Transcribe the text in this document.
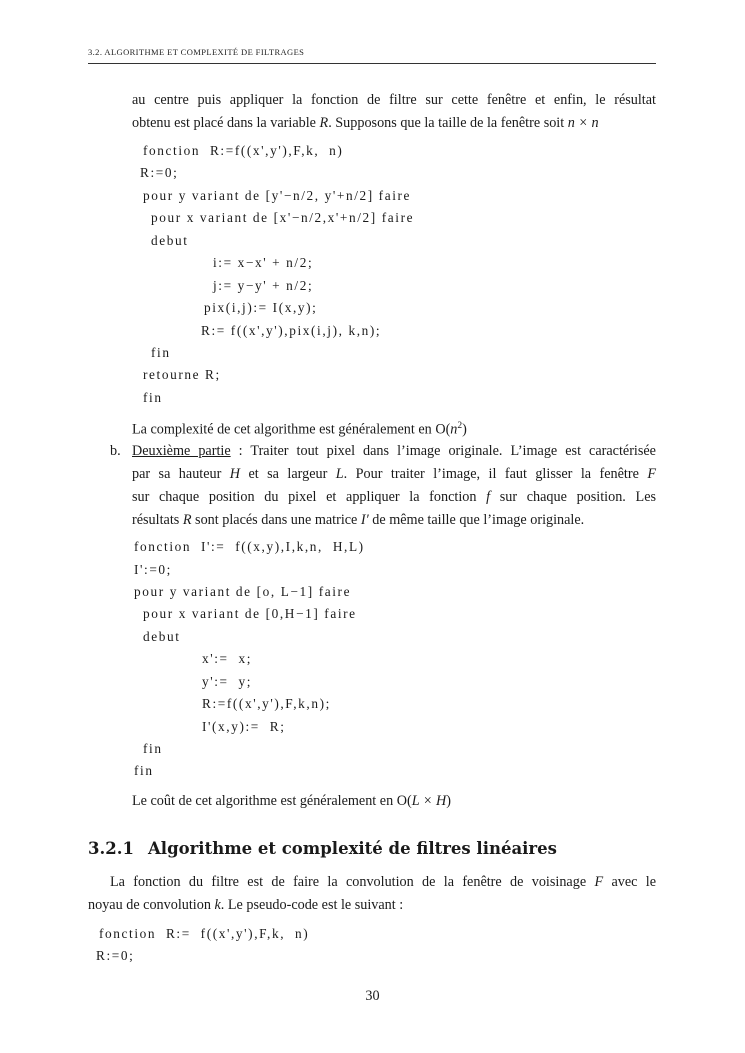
3.2. ALGORITHME ET COMPLEXITÉ DE FILTRAGES
au centre puis appliquer la fonction de filtre sur cette fenêtre et enfin, le résultat
obtenu est placé dans la variable R. Supposons que la taille de la fenêtre soit n × n
fonction  R:=f((x',y'),F,k,  n)
R:=0;
pour y variant de [y'−n/2, y'+n/2] faire
pour x variant de [x'−n/2,x'+n/2] faire
debut
i:= x−x' + n/2;
j:= y−y' + n/2;
pix(i,j):= I(x,y);
R:= f((x',y'),pix(i,j), k,n);
fin
retourne R;
fin
La complexité de cet algorithme est généralement en $O(n^2)$
b. Deuxième partie : Traiter tout pixel dans l’image originale. L’image est caractérisée
par sa hauteur H et sa largeur L. Pour traiter l’image, il faut glisser la fenêtre F
sur chaque position du pixel et appliquer la fonction f sur chaque position. Les
résultats R sont placés dans une matrice I′ de même taille que l’image originale.
fonction  I':=  f((x,y),I,k,n,  H,L)
I':=0;
pour y variant de [o, L−1] faire
pour x variant de [0,H−1] faire
debut
x':=  x;
y':=  y;
R:=f((x',y'),F,k,n);
I'(x,y):=  R;
fin
fin
Le coût de cet algorithme est généralement en O(L × H)
3.2.1 Algorithme et complexité de filtres linéaires
La fonction du filtre est de faire la convolution de la fenêtre de voisinage F avec le
noyau de convolution k. Le pseudo-code est le suivant :
fonction  R:=  f((x',y'),F,k,  n)
R:=0;
30
